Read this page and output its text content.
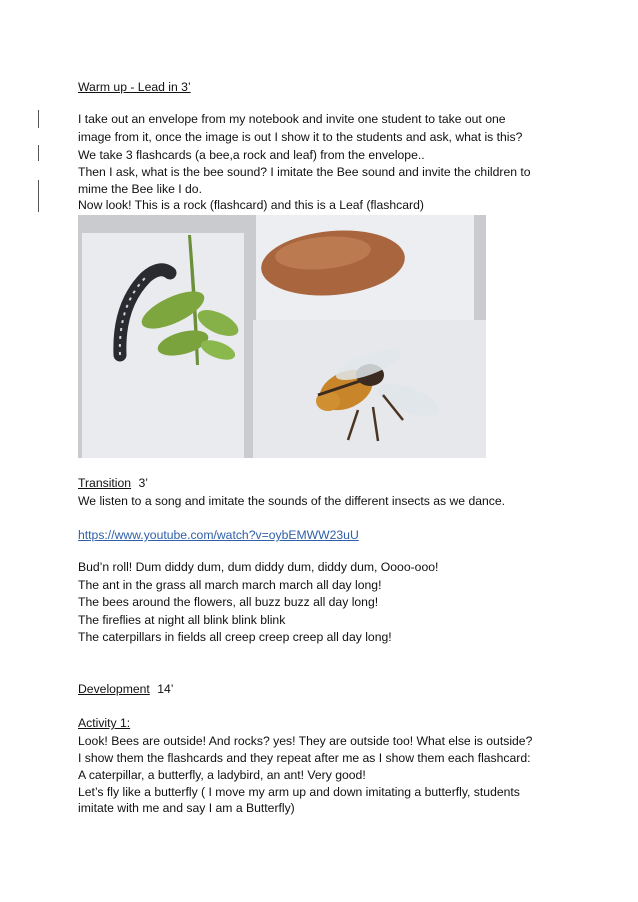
Warm up - Lead in 3’
I take out an envelope from my notebook and invite one student to take out one
image from it, once the image is out I show it to the students and ask, what is this?
We take 3 flashcards (a bee,a rock and leaf) from the envelope..
Then I ask, what is the bee sound? I imitate the Bee sound and invite the children to
mime the Bee like I do.
Now look! This is a rock (flashcard) and this is a Leaf (flashcard)
Transition 3’
We listen to a song and imitate the sounds of the different insects as we dance.
https://www.youtube.com/watch?v=oybEMWW23uU
Bud’n roll! Dum diddy dum, dum diddy dum, diddy dum, Oooo-ooo!
The ant in the grass all march march march all day long!
The bees around the flowers, all buzz buzz all day long!
The fireflies at night all blink blink blink
The caterpillars in fields all creep creep creep all day long!
Development 14’
Activity 1:
Look! Bees are outside! And rocks? yes! They are outside too! What else is outside?
I show them the flashcards and they repeat after me as I show them each flashcard:
A caterpillar, a butterfly, a ladybird, an ant! Very good!
Let’s fly like a butterfly ( I move my arm up and down imitating a butterfly, students
imitate with me and say I am a Butterfly)
